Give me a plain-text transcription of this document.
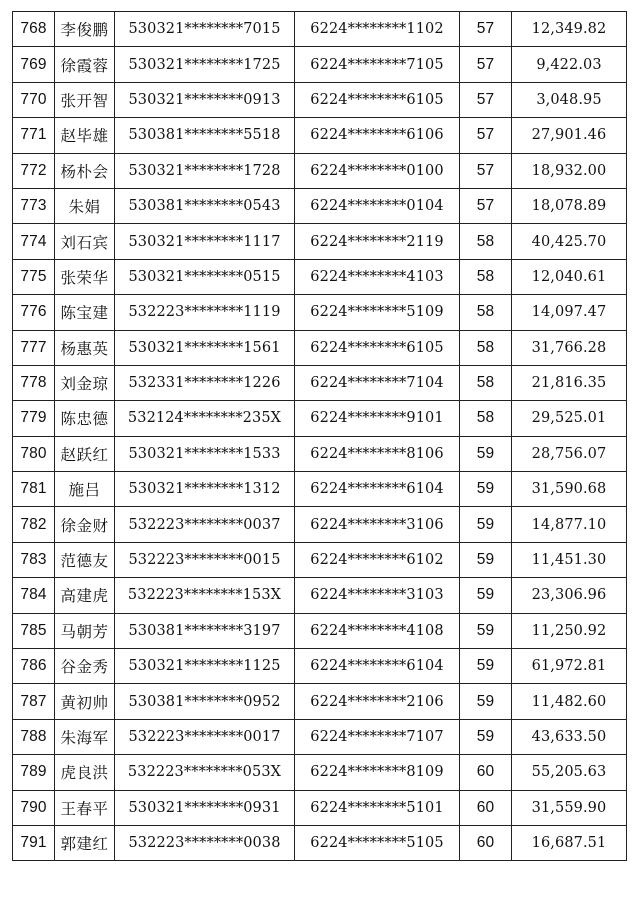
768	李俊鹏	530321********7015	6224********1102	57	12,349.82
769	徐霞蓉	530321********1725	6224********7105	57	9,422.03
770	张开智	530321********0913	6224********6105	57	3,048.95
771	赵毕雄	530381********5518	6224********6106	57	27,901.46
772	杨朴会	530321********1728	6224********0100	57	18,932.00
773	朱娟	530381********0543	6224********0104	57	18,078.89
774	刘石宾	530321********1117	6224********2119	58	40,425.70
775	张荣华	530321********0515	6224********4103	58	12,040.61
776	陈宝建	532223********1119	6224********5109	58	14,097.47
777	杨惠英	530321********1561	6224********6105	58	31,766.28
778	刘金琼	532331********1226	6224********7104	58	21,816.35
779	陈忠德	532124********235X	6224********9101	58	29,525.01
780	赵跃红	530321********1533	6224********8106	59	28,756.07
781	施吕	530321********1312	6224********6104	59	31,590.68
782	徐金财	532223********0037	6224********3106	59	14,877.10
783	范德友	532223********0015	6224********6102	59	11,451.30
784	高建虎	532223********153X	6224********3103	59	23,306.96
785	马朝芳	530381********3197	6224********4108	59	11,250.92
786	谷金秀	530321********1125	6224********6104	59	61,972.81
787	黄初帅	530381********0952	6224********2106	59	11,482.60
788	朱海军	532223********0017	6224********7107	59	43,633.50
789	虎良洪	532223********053X	6224********8109	60	55,205.63
790	王春平	530321********0931	6224********5101	60	31,559.90
791	郭建红	532223********0038	6224********5105	60	16,687.51
